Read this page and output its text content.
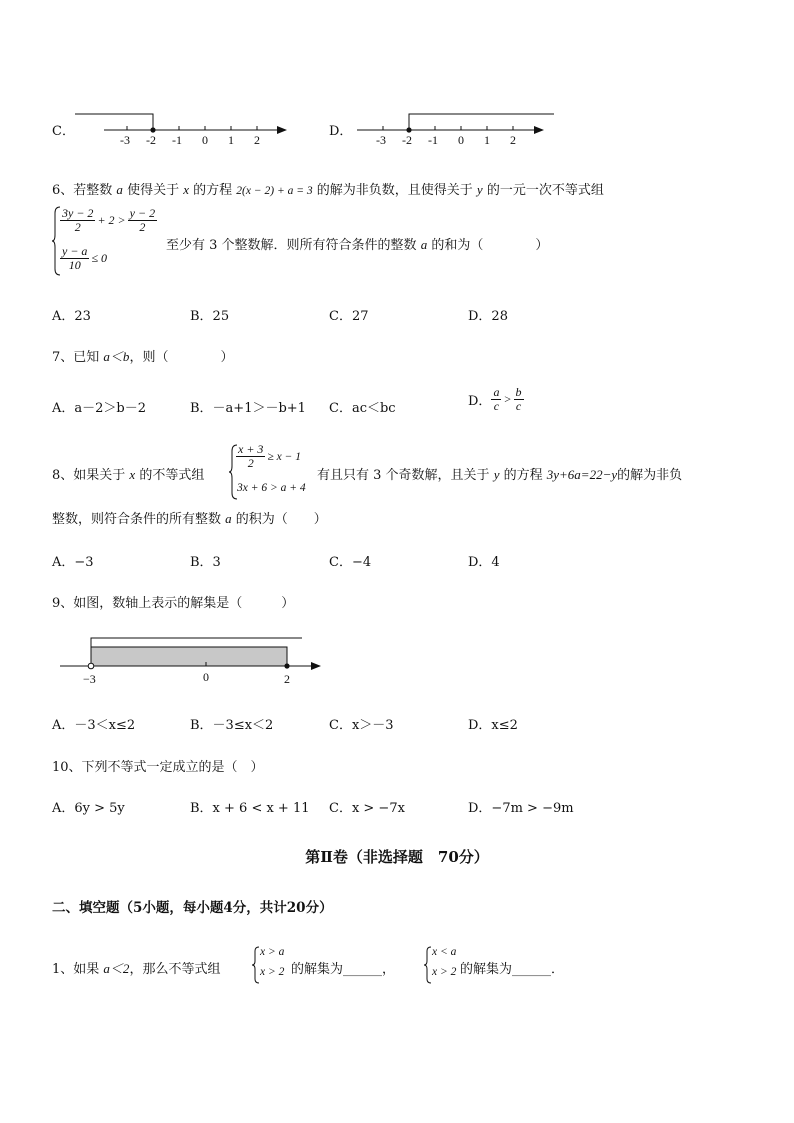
C．
-3 -2 -1 0 1 2
D．
-3 -2 -1 0 1 2
6、若整数 a 使得关于 x 的方程 2(x − 2) + a = 3 的解为非负数，且使得关于 y 的一元一次不等式组
$\frac{3y - 2}{2} + 2 > \frac{y - 2}{2}$
$\frac{y - a}{10} \le 0$
至少有 3 个整数解．则所有符合条件的整数 a 的和为（　　　　）
A．23	B．25	C．27	D．28
7、已知 a＜b，则（　　　　）
A．a－2＞b－2	B．－a+1＞－b+1 C．ac＜bc	D． $\frac{a}{c} > \frac{b}{c}$
8、如果关于 x 的不等式组
$\frac{x + 3}{2} \ge x - 1$
3x + 6 > a + 4
有且只有 3 个奇数解，且关于 y 的方程 3y+6a=22−y的解为非负
整数，则符合条件的所有整数 a 的积为（　　）
A．−3	B．3	C．−4	D．4
9、如图，数轴上表示的解集是（　　　）
−3	0	2
A．－3＜x≤2	B．－3≤x＜2	C．x＞－3	D．x≤2
10、下列不等式一定成立的是（　）
A．6y > 5y	B．x + 6 < x + 11 C．x > −7x	D．−7m > −9m
第Ⅱ卷（非选择题　70分）
二、填空题（5小题，每小题4分，共计20分）
1、如果 a＜2，那么不等式组
x > a
x > 2 的解集为______，
x < a
x > 2 的解集为______．
